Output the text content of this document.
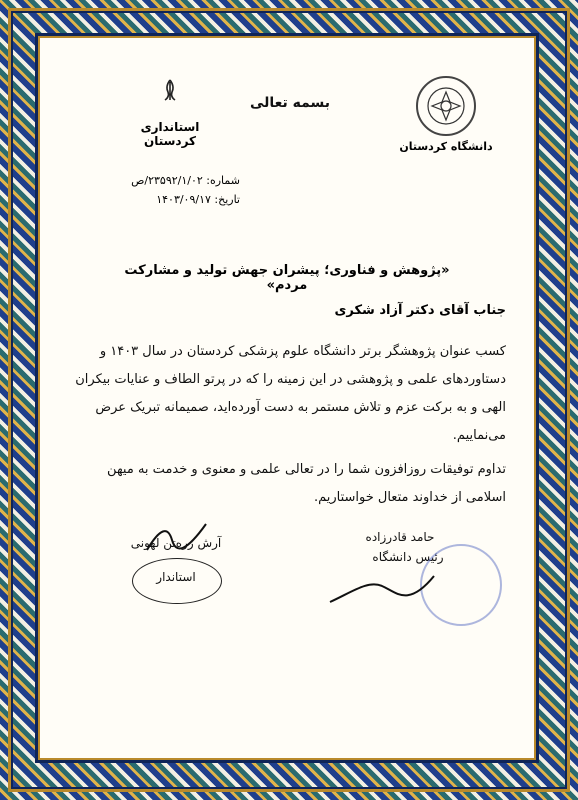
بسمه تعالی
استانداری کردستان	دانشگاه کردستان
شماره: ۲۳۵۹۲/۱/۰۲/ص
تاریخ: ۱۴۰۳/۰۹/۱۷
«پژوهش و فناوری؛ پیشران جهش تولید و مشارکت مردم»
جناب آقای دکتر آزاد شکری
کسب عنوان پژوهشگر برتر دانشگاه علوم پزشکی کردستان در سال ۱۴۰۳ و
دستاوردهای علمی و پژوهشی در این زمینه را که در پرتو الطاف و عنایات بیکران
الهی و به برکت عزم و تلاش مستمر به دست آورده‌اید، صمیمانه تبریک عرض
می‌نماییم.
تداوم توفیقات روزافزون شما را در تعالی علمی و معنوی و خدمت به میهن
اسلامی از خداوند متعال خواستاریم.
آرش زره‌تن لهونی
استاندار
حامد قادرزاده
رئیس دانشگاه
